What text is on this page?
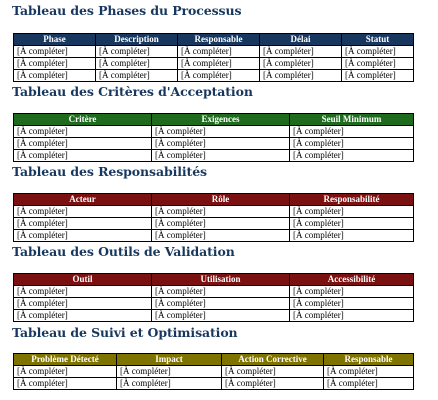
Tableau des Phases du Processus
Phase	Description	Responsable	Délai	Statut
[À compléter]	[À compléter]	[À compléter]	[À compléter]	[À compléter]
[À compléter]	[À compléter]	[À compléter]	[À compléter]	[À compléter]
[À compléter]	[À compléter]	[À compléter]	[À compléter]	[À compléter]
Tableau des Critères d'Acceptation
Critère	Exigences	Seuil Minimum
[À compléter]	[À compléter]	[À compléter]
[À compléter]	[À compléter]	[À compléter]
[À compléter]	[À compléter]	[À compléter]
Tableau des Responsabilités
Acteur	Rôle	Responsabilité
[À compléter]	[À compléter]	[À compléter]
[À compléter]	[À compléter]	[À compléter]
[À compléter]	[À compléter]	[À compléter]
Tableau des Outils de Validation
Outil	Utilisation	Accessibilité
[À compléter]	[À compléter]	[À compléter]
[À compléter]	[À compléter]	[À compléter]
[À compléter]	[À compléter]	[À compléter]
Tableau de Suivi et Optimisation
Problème Détecté	Impact	Action Corrective	Responsable
[À compléter]	[À compléter]	[À compléter]	[À compléter]
[À compléter]	[À compléter]	[À compléter]	[À compléter]
